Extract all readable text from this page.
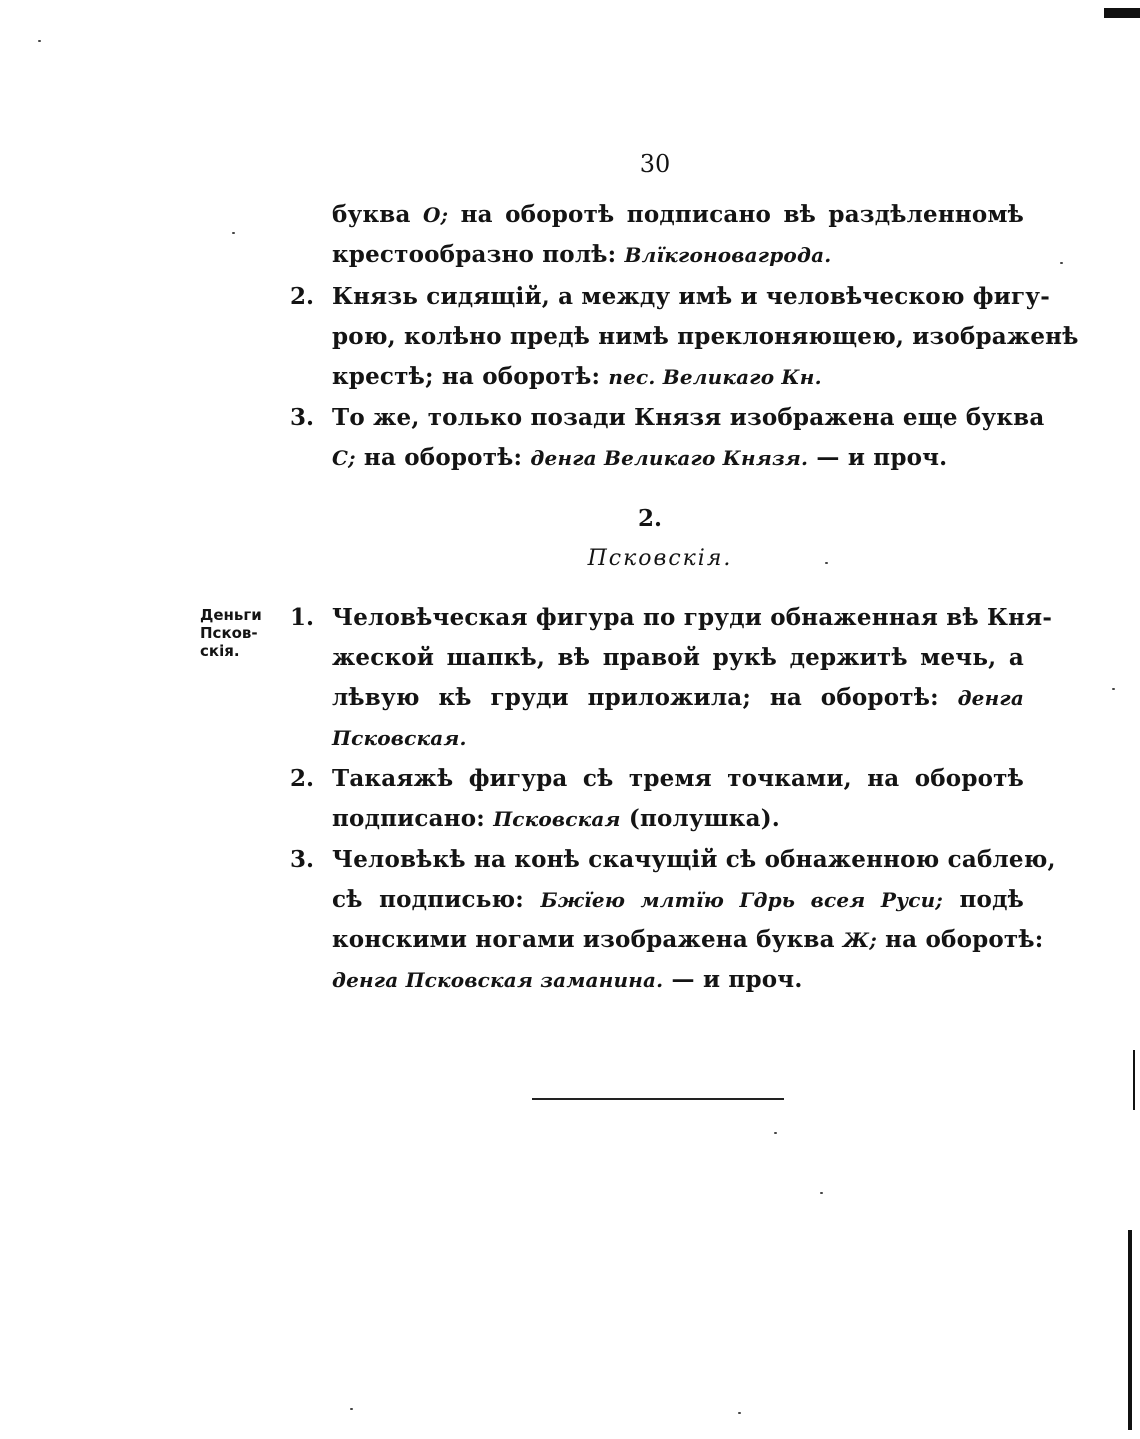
30
буква О; на оборотѣ подписано вѣ раздѣленномѣ
крестообразно полѣ: Влїкгоновагрода.
2. Князь сидящій, а между имѣ и человѣческою фигу-
рою, колѣно предѣ нимѣ преклоняющею, изображенѣ
крестѣ; на оборотѣ: пес. Великаго Кн.
3. То же, только позади Князя изображена еще буква
С; на оборотѣ: денга Великаго Князя. — и проч.
2.
Псковскiя.
Деньги
Псков-
скія.
1. Человѣческая фигура по груди обнаженная вѣ Кня-
жеской шапкѣ, вѣ правой рукѣ держитѣ мечь, а
лѣвую кѣ груди приложила; на оборотѣ: денга
Псковская.
2. Такаяжѣ фигура сѣ тремя точками, на оборотѣ
подписано: Псковская (полушка).
3. Человѣкѣ на конѣ скачущій сѣ обнаженною саблею,
сѣ подписью: Бжїею млтїю Гдрь всея Руси; подѣ
конскими ногами изображена буква Ж; на оборотѣ:
денга Псковская заманина. — и проч.
